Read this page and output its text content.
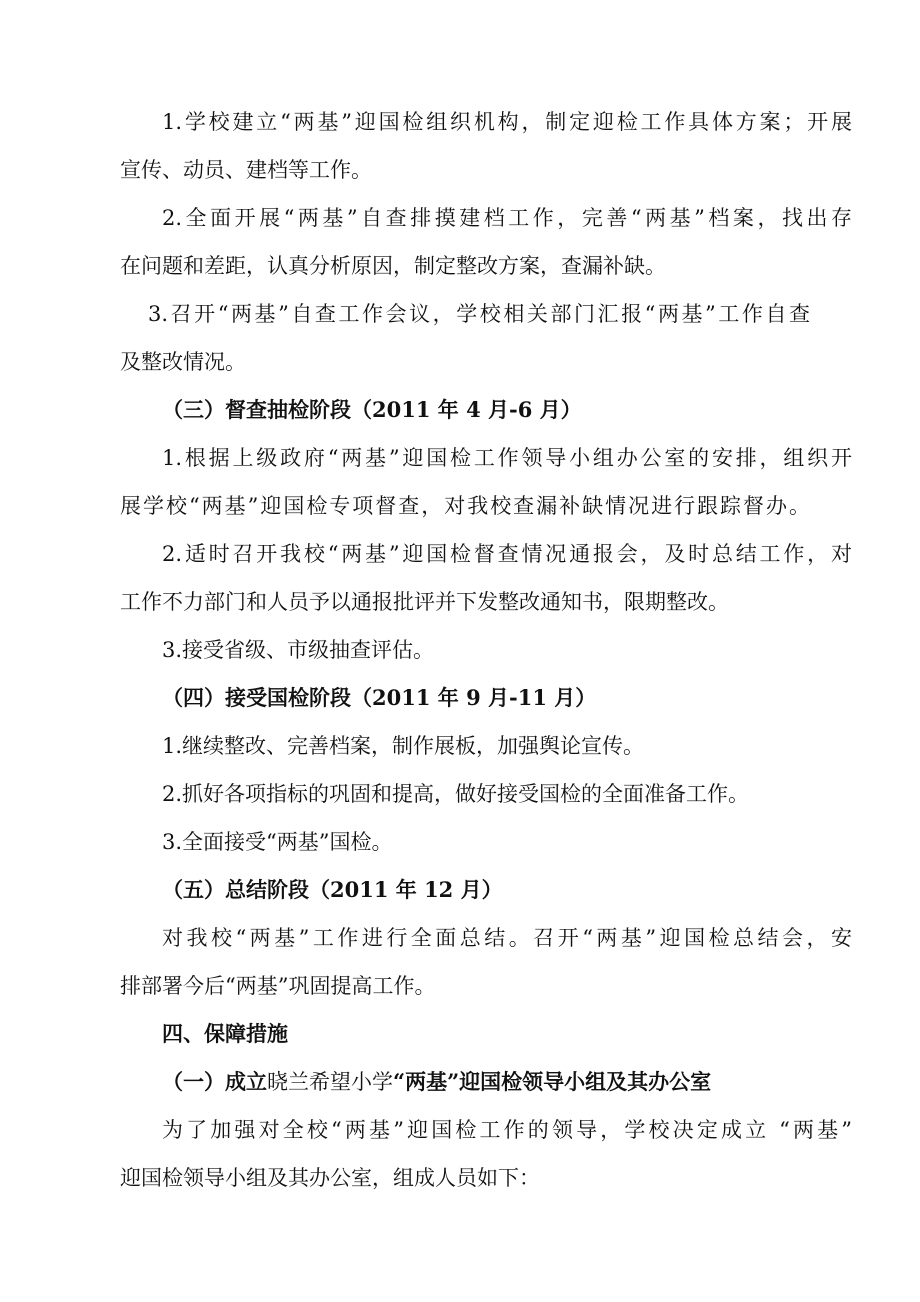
1.学校建立“两基”迎国检组织机构，制定迎检工作具体方案；开展
宣传、动员、建档等工作。
2.全面开展“两基”自查排摸建档工作，完善“两基”档案，找出存
在问题和差距，认真分析原因，制定整改方案，查漏补缺。
3.召开“两基”自查工作会议，学校相关部门汇报“两基”工作自查
及整改情况。
（三）督查抽检阶段（2011 年 4 月-6 月）
1.根据上级政府“两基”迎国检工作领导小组办公室的安排，组织开
展学校“两基”迎国检专项督查，对我校查漏补缺情况进行跟踪督办。
2.适时召开我校“两基”迎国检督查情况通报会，及时总结工作，对
工作不力部门和人员予以通报批评并下发整改通知书，限期整改。
3.接受省级、市级抽查评估。
（四）接受国检阶段（2011 年 9 月-11 月）
1.继续整改、完善档案，制作展板，加强舆论宣传。
2.抓好各项指标的巩固和提高，做好接受国检的全面准备工作。
3.全面接受“两基”国检。
（五）总结阶段（2011 年 12 月）
对我校“两基”工作进行全面总结。召开“两基”迎国检总结会，安
排部署今后“两基”巩固提高工作。
四、保障措施
（一）成立晓兰希望小学“两基”迎国检领导小组及其办公室
为了加强对全校“两基”迎国检工作的领导，学校决定成立 “两基”
迎国检领导小组及其办公室，组成人员如下：
